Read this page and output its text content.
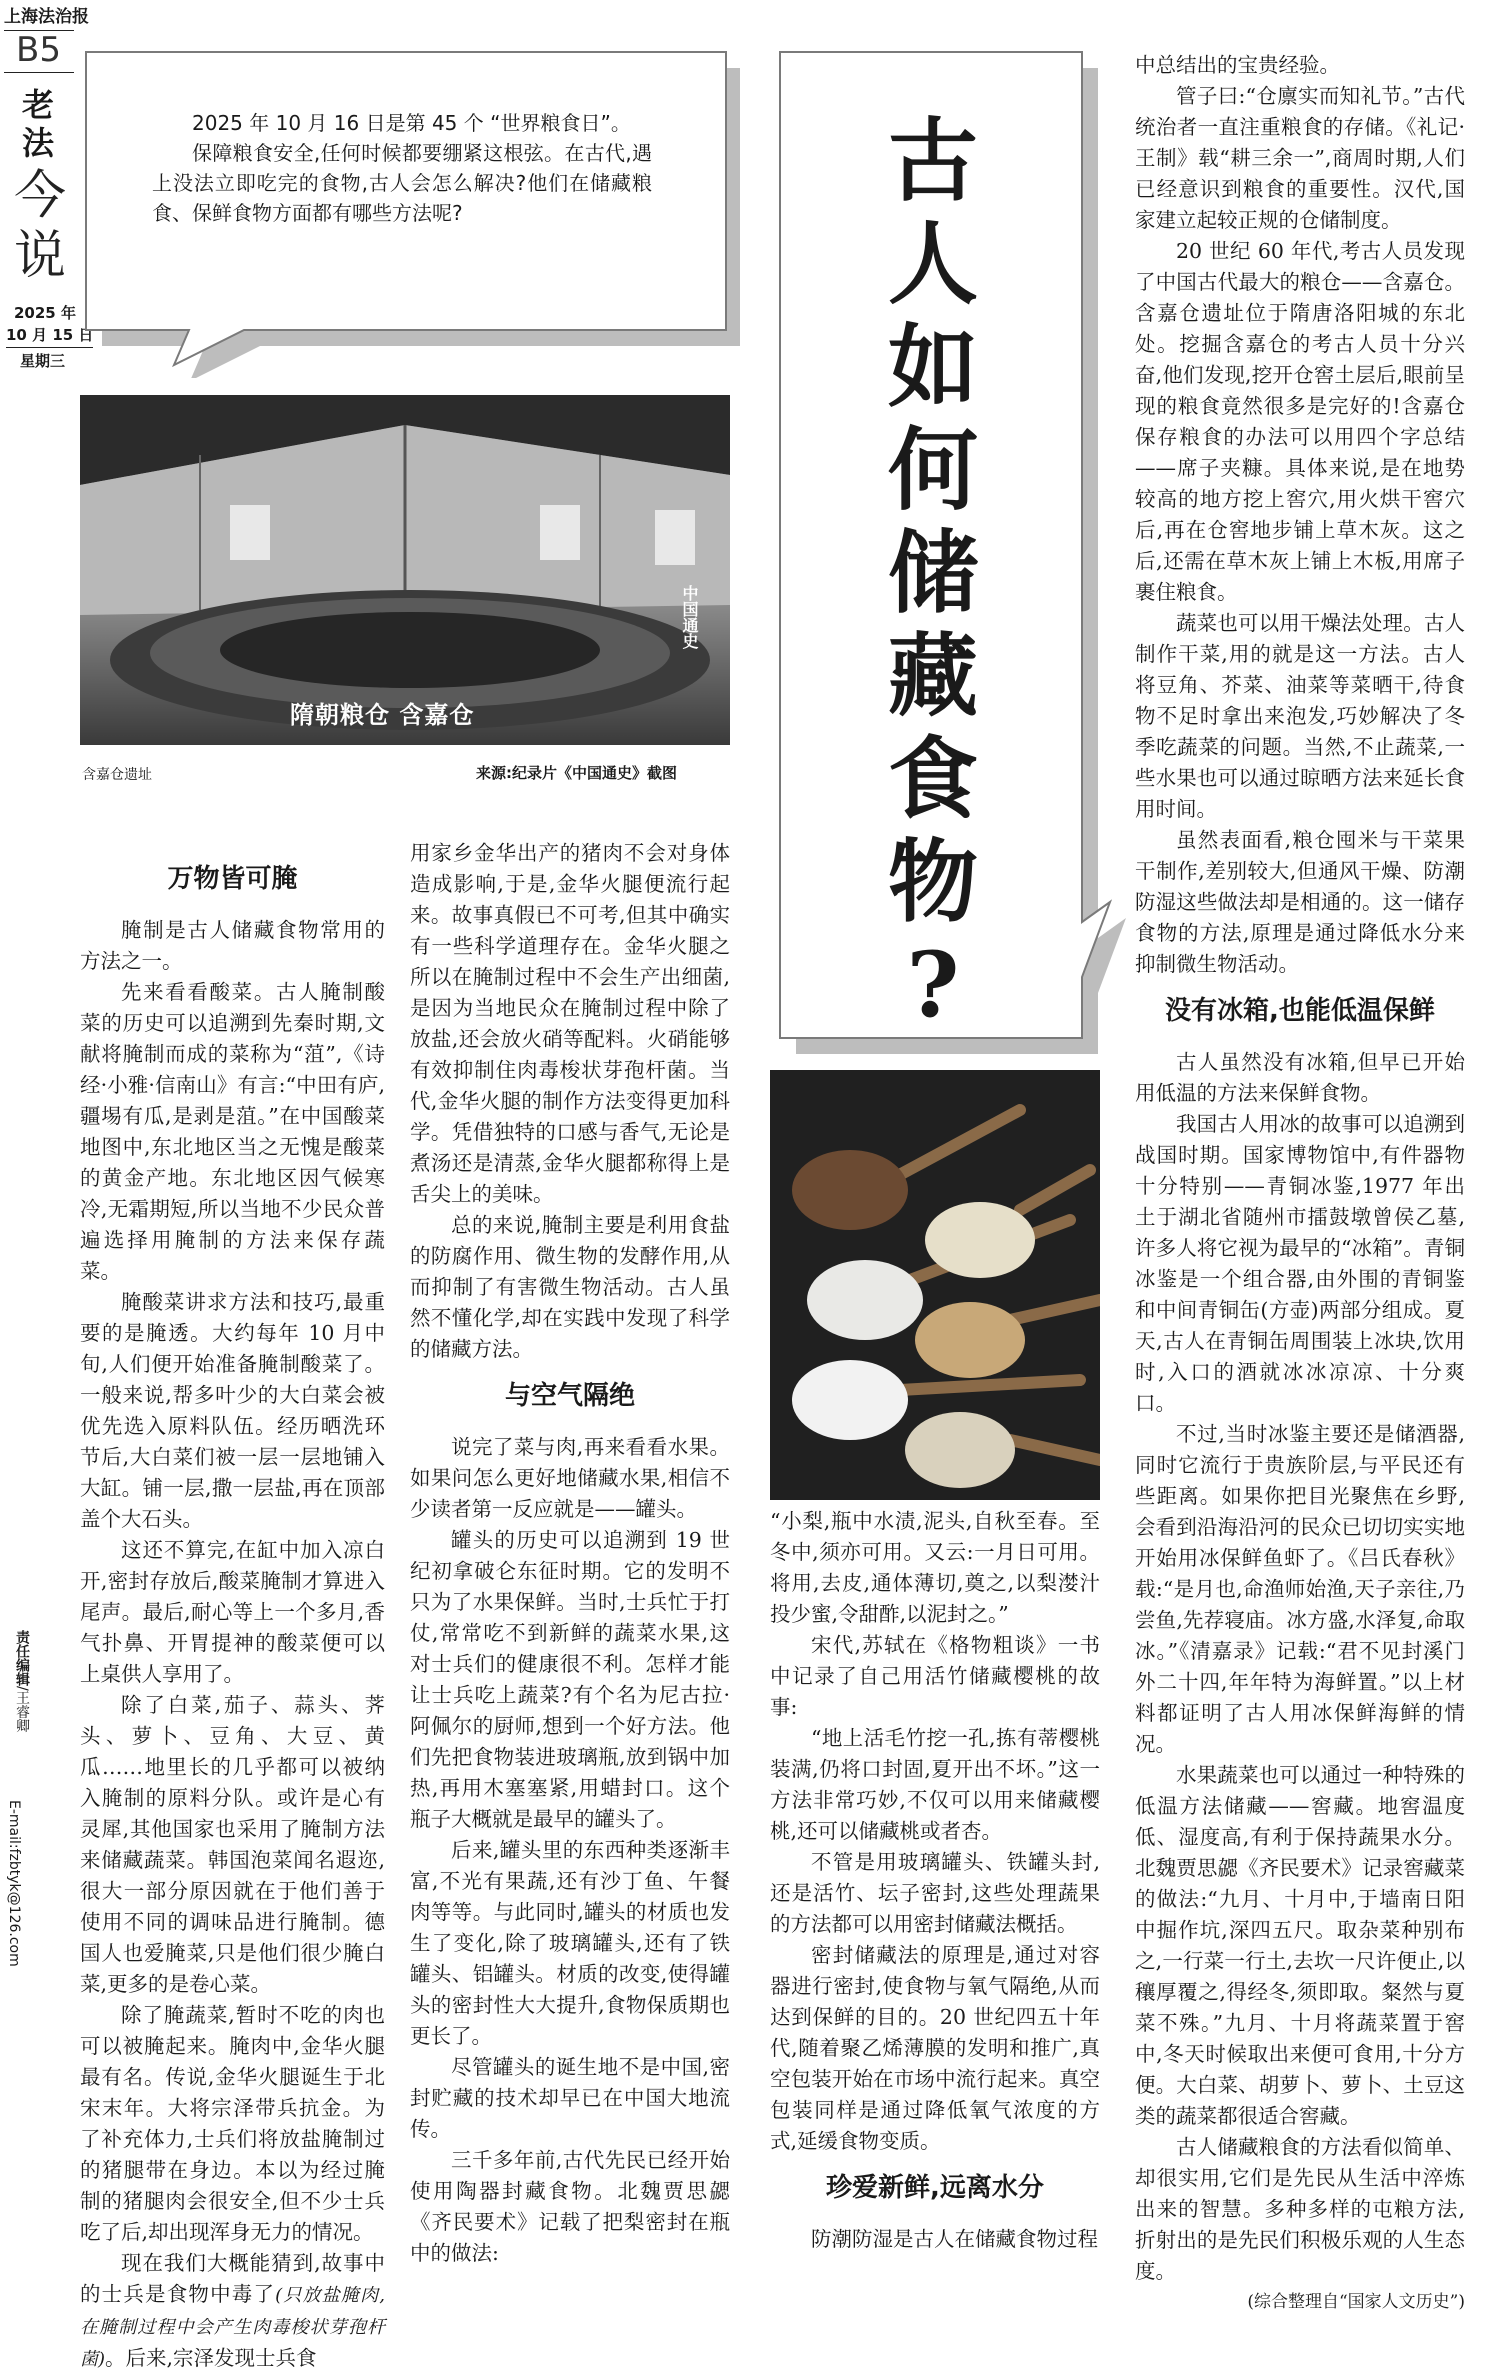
上海法治报
B5
老
法
今
说
2025 年
10 月 15 日
星期三
责任编辑/王睿卿
E-mail:fzbtyk@126.com

2025 年 10 月 16 日是第 45 个 “世界粮食日”。

保障粮食安全,任何时候都要绷紧这根弦。在古代,遇上没法立即吃完的食物,古人会怎么解决?他们在储藏粮食、保鲜食物方面都有哪些方法呢?	古
人
如
何
储
藏
食
物
?
隋朝粮仓 含嘉仓
中国通史
含嘉仓遗址	来源:纪录片《中国通史》截图
万物皆可腌

腌制是古人储藏食物常用的方法之一。

先来看看酸菜。古人腌制酸菜的历史可以追溯到先秦时期,文献将腌制而成的菜称为“菹”,《诗经·小雅·信南山》有言:“中田有庐,疆埸有瓜,是剥是菹。”在中国酸菜地图中,东北地区当之无愧是酸菜的黄金产地。东北地区因气候寒冷,无霜期短,所以当地不少民众普遍选择用腌制的方法来保存蔬菜。

腌酸菜讲求方法和技巧,最重要的是腌透。大约每年 10 月中旬,人们便开始准备腌制酸菜了。一般来说,帮多叶少的大白菜会被优先选入原料队伍。经历晒洗环节后,大白菜们被一层一层地铺入大缸。铺一层,撒一层盐,再在顶部盖个大石头。

这还不算完,在缸中加入凉白开,密封存放后,酸菜腌制才算进入尾声。最后,耐心等上一个多月,香气扑鼻、开胃提神的酸菜便可以上桌供人享用了。

除了白菜,茄子、蒜头、荠头、萝卜、豆角、大豆、黄瓜……地里长的几乎都可以被纳入腌制的原料分队。或许是心有灵犀,其他国家也采用了腌制方法来储藏蔬菜。韩国泡菜闻名遐迩,很大一部分原因就在于他们善于使用不同的调味品进行腌制。德国人也爱腌菜,只是他们很少腌白菜,更多的是卷心菜。

除了腌蔬菜,暂时不吃的肉也可以被腌起来。腌肉中,金华火腿最有名。传说,金华火腿诞生于北宋末年。大将宗泽带兵抗金。为了补充体力,士兵们将放盐腌制过的猪腿带在身边。本以为经过腌制的猪腿肉会很安全,但不少士兵吃了后,却出现浑身无力的情况。

现在我们大概能猜到,故事中的士兵是食物中毒了(只放盐腌肉,在腌制过程中会产生肉毒梭状芽孢杆菌)。后来,宗泽发现士兵食

用家乡金华出产的猪肉不会对身体造成影响,于是,金华火腿便流行起来。故事真假已不可考,但其中确实有一些科学道理存在。金华火腿之所以在腌制过程中不会生产出细菌,是因为当地民众在腌制过程中除了放盐,还会放火硝等配料。火硝能够有效抑制住肉毒梭状芽孢杆菌。当代,金华火腿的制作方法变得更加科学。凭借独特的口感与香气,无论是煮汤还是清蒸,金华火腿都称得上是舌尖上的美味。

总的来说,腌制主要是利用食盐的防腐作用、微生物的发酵作用,从而抑制了有害微生物活动。古人虽然不懂化学,却在实践中发现了科学的储藏方法。

与空气隔绝

说完了菜与肉,再来看看水果。如果问怎么更好地储藏水果,相信不少读者第一反应就是——罐头。

罐头的历史可以追溯到 19 世纪初拿破仑东征时期。它的发明不只为了水果保鲜。当时,士兵忙于打仗,常常吃不到新鲜的蔬菜水果,这对士兵们的健康很不利。怎样才能让士兵吃上蔬菜?有个名为尼古拉·阿佩尔的厨师,想到一个好方法。他们先把食物装进玻璃瓶,放到锅中加热,再用木塞塞紧,用蜡封口。这个瓶子大概就是最早的罐头了。

后来,罐头里的东西种类逐渐丰富,不光有果蔬,还有沙丁鱼、午餐肉等等。与此同时,罐头的材质也发生了变化,除了玻璃罐头,还有了铁罐头、铝罐头。材质的改变,使得罐头的密封性大大提升,食物保质期也更长了。

尽管罐头的诞生地不是中国,密封贮藏的技术却早已在中国大地流传。

三千多年前,古代先民已经开始使用陶器封藏食物。北魏贾思勰《齐民要术》记载了把梨密封在瓶中的做法:

“小梨,瓶中水渍,泥头,自秋至春。至冬中,须亦可用。又云:一月日可用。将用,去皮,通体薄切,奠之,以梨漤汁投少蜜,令甜酢,以泥封之。”

宋代,苏轼在《格物粗谈》一书中记录了自己用活竹储藏樱桃的故事:

“地上活毛竹挖一孔,拣有蒂樱桃装满,仍将口封固,夏开出不坏。”这一方法非常巧妙,不仅可以用来储藏樱桃,还可以储藏桃或者杏。

不管是用玻璃罐头、铁罐头封,还是活竹、坛子密封,这些处理蔬果的方法都可以用密封储藏法概括。

密封储藏法的原理是,通过对容器进行密封,使食物与氧气隔绝,从而达到保鲜的目的。20 世纪四五十年代,随着聚乙烯薄膜的发明和推广,真空包装开始在市场中流行起来。真空包装同样是通过降低氧气浓度的方式,延缓食物变质。

珍爱新鲜,远离水分

防潮防湿是古人在储藏食物过程

中总结出的宝贵经验。

管子曰:“仓廪实而知礼节。”古代统治者一直注重粮食的存储。《礼记·王制》载“耕三余一”,商周时期,人们已经意识到粮食的重要性。汉代,国家建立起较正规的仓储制度。

20 世纪 60 年代,考古人员发现了中国古代最大的粮仓——含嘉仓。含嘉仓遗址位于隋唐洛阳城的东北处。挖掘含嘉仓的考古人员十分兴奋,他们发现,挖开仓窖土层后,眼前呈现的粮食竟然很多是完好的!含嘉仓保存粮食的办法可以用四个字总结——席子夹糠。具体来说,是在地势较高的地方挖上窖穴,用火烘干窖穴后,再在仓窖地步铺上草木灰。这之后,还需在草木灰上铺上木板,用席子裹住粮食。

蔬菜也可以用干燥法处理。古人制作干菜,用的就是这一方法。古人将豆角、芥菜、油菜等菜晒干,待食物不足时拿出来泡发,巧妙解决了冬季吃蔬菜的问题。当然,不止蔬菜,一些水果也可以通过晾晒方法来延长食用时间。

虽然表面看,粮仓囤米与干菜果干制作,差别较大,但通风干燥、防潮防湿这些做法却是相通的。这一储存食物的方法,原理是通过降低水分来抑制微生物活动。

没有冰箱,也能低温保鲜

古人虽然没有冰箱,但早已开始用低温的方法来保鲜食物。

我国古人用冰的故事可以追溯到战国时期。国家博物馆中,有件器物十分特别——青铜冰鉴,1977 年出土于湖北省随州市擂鼓墩曾侯乙墓,许多人将它视为最早的“冰箱”。青铜冰鉴是一个组合器,由外围的青铜鉴和中间青铜缶(方壶)两部分组成。夏天,古人在青铜缶周围装上冰块,饮用时,入口的酒就冰冰凉凉、十分爽口。

不过,当时冰鉴主要还是储酒器,同时它流行于贵族阶层,与平民还有些距离。如果你把目光聚焦在乡野,会看到沿海沿河的民众已切切实实地开始用冰保鲜鱼虾了。《吕氏春秋》载:“是月也,命渔师始渔,天子亲往,乃尝鱼,先荐寝庙。冰方盛,水泽复,命取冰。”《清嘉录》记载:“君不见封溪门外二十四,年年特为海鲜置。”以上材料都证明了古人用冰保鲜海鲜的情况。

水果蔬菜也可以通过一种特殊的低温方法储藏——窖藏。地窖温度低、湿度高,有利于保持蔬果水分。北魏贾思勰《齐民要术》记录窖藏菜的做法:“九月、十月中,于墙南日阳中掘作坑,深四五尺。取杂菜种别布之,一行菜一行土,去坎一尺许便止,以穰厚覆之,得经冬,须即取。粲然与夏菜不殊。”九月、十月将蔬菜置于窖中,冬天时候取出来便可食用,十分方便。大白菜、胡萝卜、萝卜、土豆这类的蔬菜都很适合窖藏。

古人储藏粮食的方法看似简单、却很实用,它们是先民从生活中淬炼出来的智慧。多种多样的屯粮方法,折射出的是先民们积极乐观的人生态度。

(综合整理自“国家人文历史”)
